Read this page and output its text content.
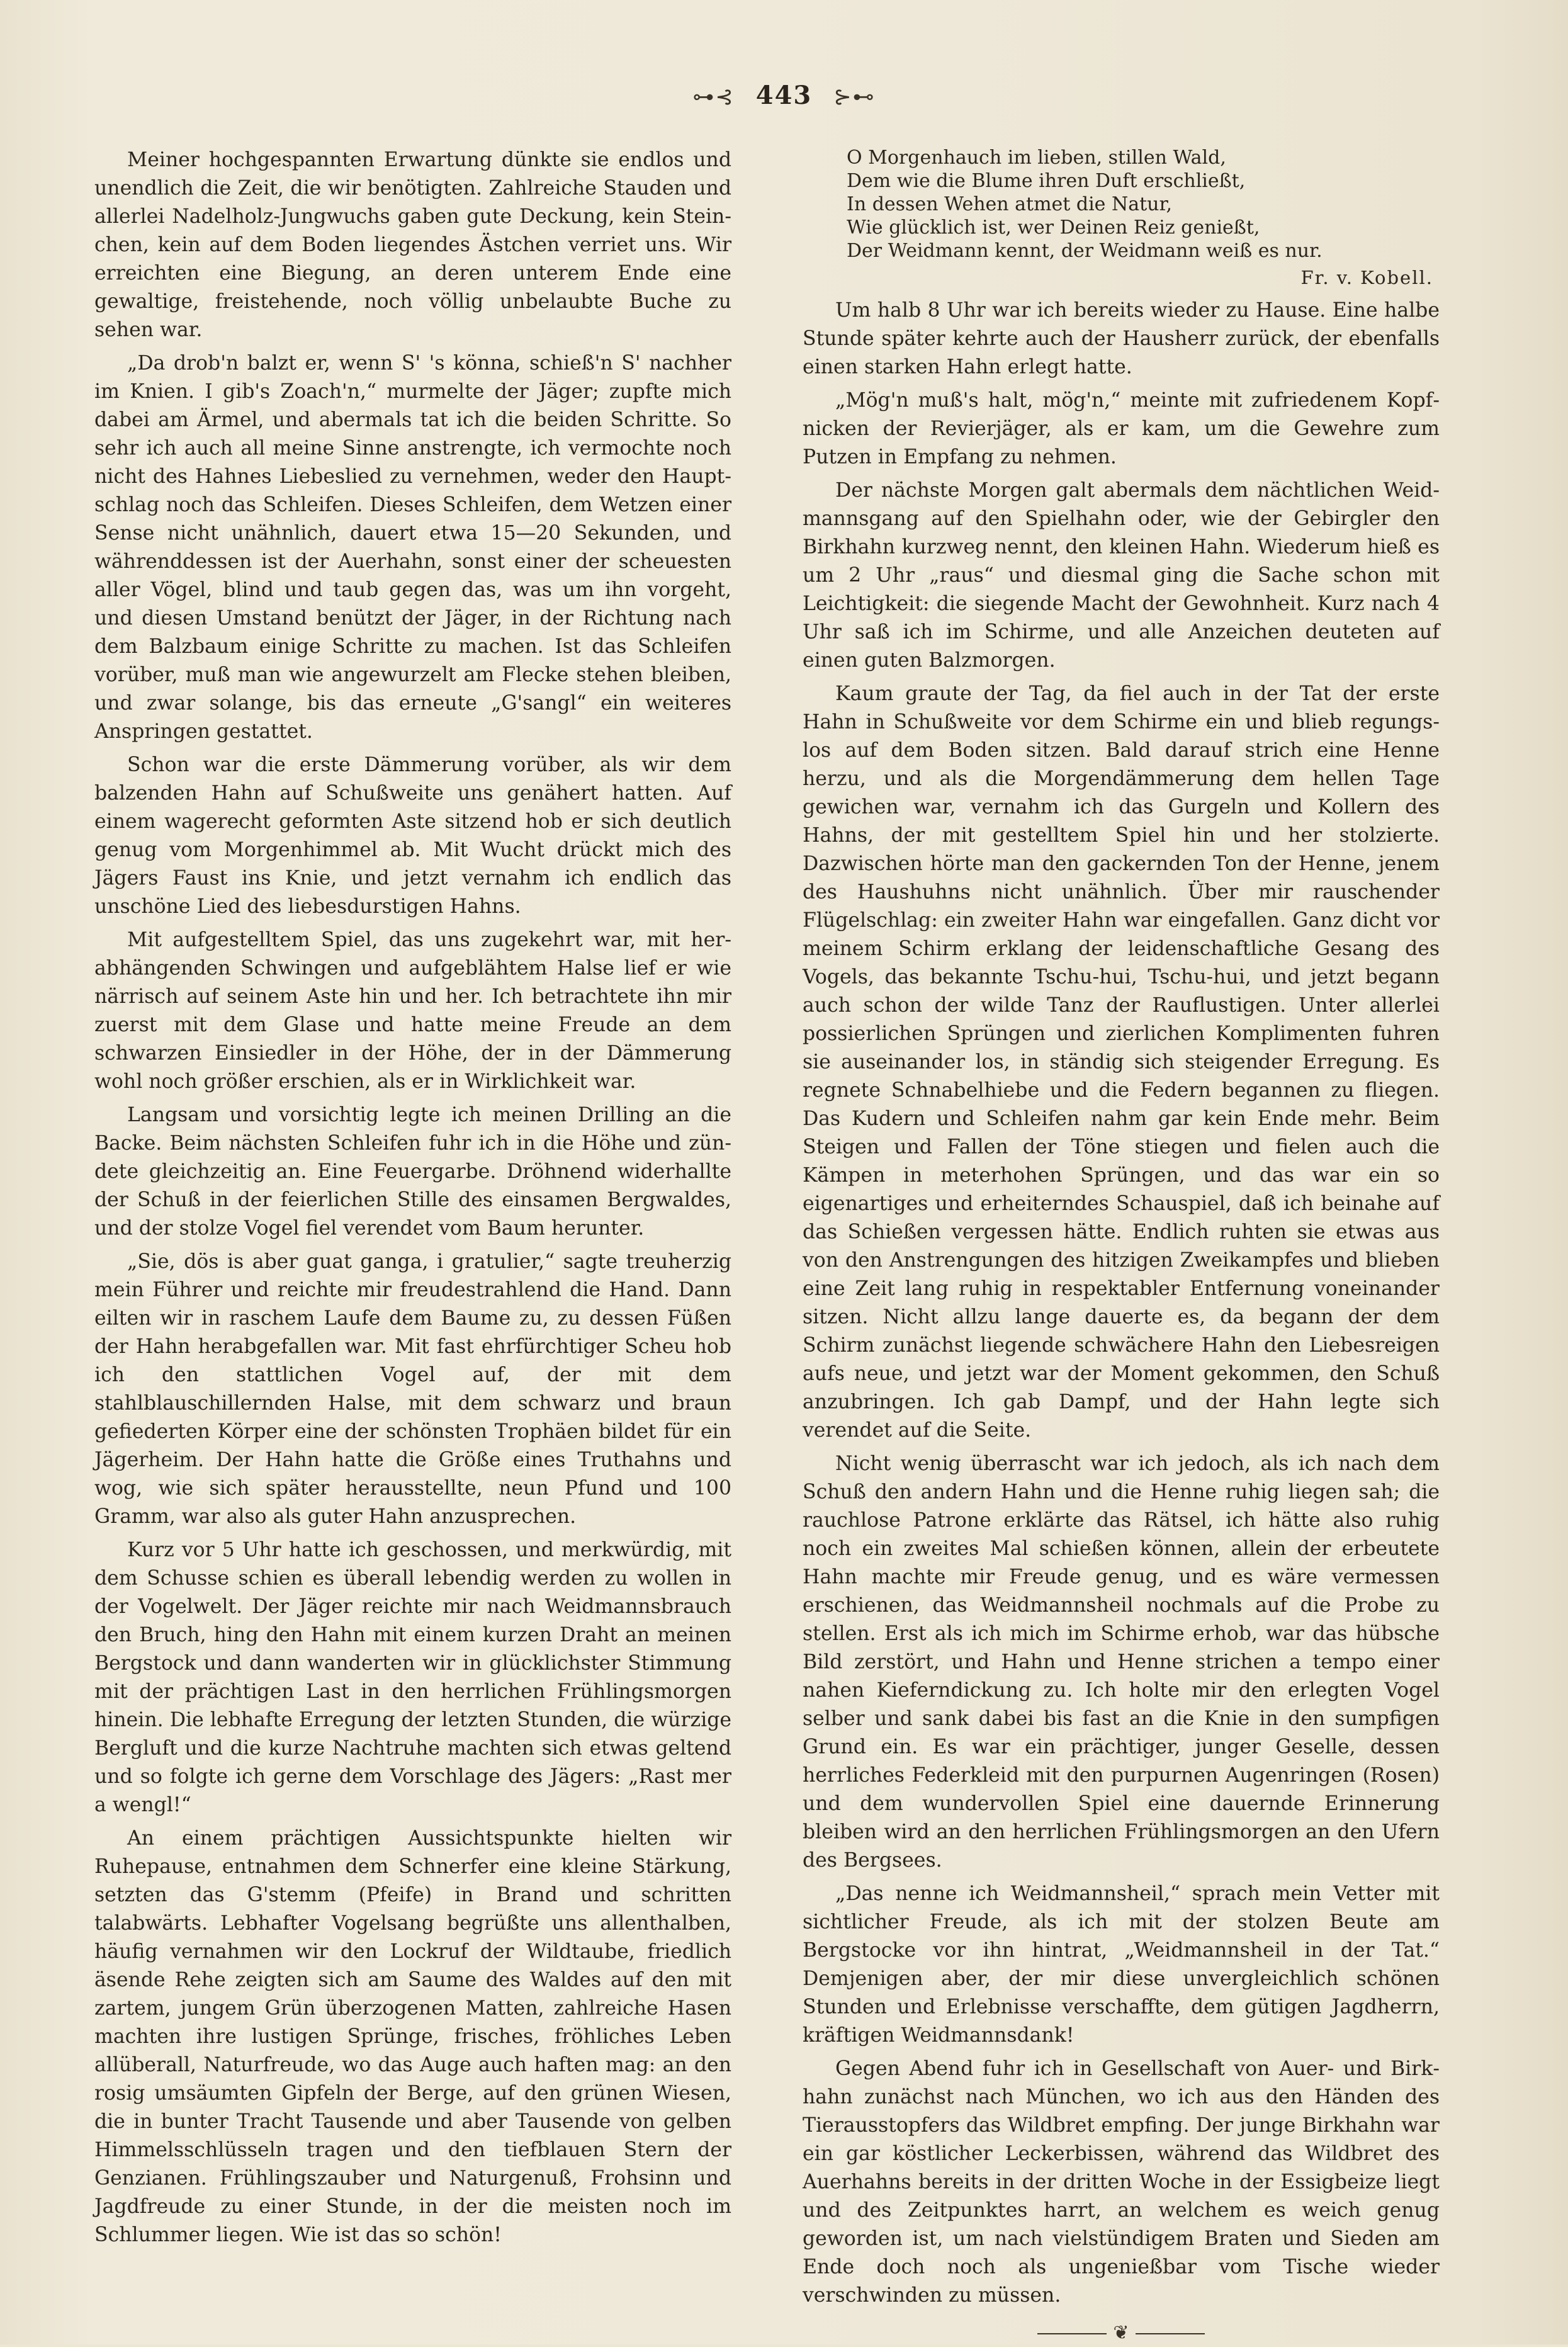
⊶⊰ 443 ⊱⊷

Meiner hochgespannten Erwartung dünkte sie endlos und unendlich die Zeit, die wir benötigten. Zahlreiche Stauden und allerlei Nadelholz-Jungwuchs gaben gute Deckung, kein Steinchen, kein auf dem Boden liegendes Ästchen verriet uns. Wir erreichten eine Biegung, an deren unterem Ende eine gewaltige, freistehende, noch völlig unbelaubte Buche zu sehen war.

„Da drob'n balzt er, wenn S' 's könna, schieß'n S' nachher im Knien. I gib's Zoach'n,“ murmelte der Jäger; zupfte mich dabei am Ärmel, und abermals tat ich die beiden Schritte. So sehr ich auch all meine Sinne anstrengte, ich vermochte noch nicht des Hahnes Liebeslied zu vernehmen, weder den Hauptschlag noch das Schleifen. Dieses Schleifen, dem Wetzen einer Sense nicht unähnlich, dauert etwa 15—20 Sekunden, und währenddessen ist der Auerhahn, sonst einer der scheuesten aller Vögel, blind und taub gegen das, was um ihn vorgeht, und diesen Umstand benützt der Jäger, in der Richtung nach dem Balzbaum einige Schritte zu machen. Ist das Schleifen vorüber, muß man wie angewurzelt am Flecke stehen bleiben, und zwar solange, bis das erneute „G'sangl“ ein weiteres Anspringen gestattet.

Schon war die erste Dämmerung vorüber, als wir dem balzenden Hahn auf Schußweite uns genähert hatten. Auf einem wagerecht geformten Aste sitzend hob er sich deutlich genug vom Morgenhimmel ab. Mit Wucht drückt mich des Jägers Faust ins Knie, und jetzt vernahm ich endlich das unschöne Lied des liebesdurstigen Hahns.

Mit aufgestelltem Spiel, das uns zugekehrt war, mit herabhängenden Schwingen und aufgeblähtem Halse lief er wie närrisch auf seinem Aste hin und her. Ich betrachtete ihn mir zuerst mit dem Glase und hatte meine Freude an dem schwarzen Einsiedler in der Höhe, der in der Dämmerung wohl noch größer erschien, als er in Wirklichkeit war.

Langsam und vorsichtig legte ich meinen Drilling an die Backe. Beim nächsten Schleifen fuhr ich in die Höhe und zündete gleichzeitig an. Eine Feuergarbe. Dröhnend widerhallte der Schuß in der feierlichen Stille des einsamen Bergwaldes, und der stolze Vogel fiel verendet vom Baum herunter.

„Sie, dös is aber guat ganga, i gratulier,“ sagte treuherzig mein Führer und reichte mir freudestrahlend die Hand. Dann eilten wir in raschem Laufe dem Baume zu, zu dessen Füßen der Hahn herabgefallen war. Mit fast ehrfürchtiger Scheu hob ich den stattlichen Vogel auf, der mit dem stahlblauschillernden Halse, mit dem schwarz und braun gefiederten Körper eine der schönsten Trophäen bildet für ein Jägerheim. Der Hahn hatte die Größe eines Truthahns und wog, wie sich später herausstellte, neun Pfund und 100 Gramm, war also als guter Hahn anzusprechen.

Kurz vor 5 Uhr hatte ich geschossen, und merkwürdig, mit dem Schusse schien es überall lebendig werden zu wollen in der Vogelwelt. Der Jäger reichte mir nach Weidmannsbrauch den Bruch, hing den Hahn mit einem kurzen Draht an meinen Bergstock und dann wanderten wir in glücklichster Stimmung mit der prächtigen Last in den herrlichen Frühlingsmorgen hinein. Die lebhafte Erregung der letzten Stunden, die würzige Bergluft und die kurze Nachtruhe machten sich etwas geltend und so folgte ich gerne dem Vorschlage des Jägers: „Rast mer a wengl!“

An einem prächtigen Aussichtspunkte hielten wir Ruhepause, entnahmen dem Schnerfer eine kleine Stärkung, setzten das G'stemm (Pfeife) in Brand und schritten talabwärts. Lebhafter Vogelsang begrüßte uns allenthalben, häufig vernahmen wir den Lockruf der Wildtaube, friedlich äsende Rehe zeigten sich am Saume des Waldes auf den mit zartem, jungem Grün überzogenen Matten, zahlreiche Hasen machten ihre lustigen Sprünge, frisches, fröhliches Leben allüberall, Naturfreude, wo das Auge auch haften mag: an den rosig umsäumten Gipfeln der Berge, auf den grünen Wiesen, die in bunter Tracht Tausende und aber Tausende von gelben Himmelsschlüsseln tragen und den tiefblauen Stern der Genzianen. Frühlingszauber und Naturgenuß, Frohsinn und Jagdfreude zu einer Stunde, in der die meisten noch im Schlummer liegen. Wie ist das so schön!

O Morgenhauch im lieben, stillen Wald,
Dem wie die Blume ihren Duft erschließt,
In dessen Wehen atmet die Natur,
Wie glücklich ist, wer Deinen Reiz genießt,
Der Weidmann kennt, der Weidmann weiß es nur.
Fr. v. Kobell.

Um halb 8 Uhr war ich bereits wieder zu Hause. Eine halbe Stunde später kehrte auch der Hausherr zurück, der ebenfalls einen starken Hahn erlegt hatte.

„Mög'n muß's halt, mög'n,“ meinte mit zufriedenem Kopfnicken der Revierjäger, als er kam, um die Gewehre zum Putzen in Empfang zu nehmen.

Der nächste Morgen galt abermals dem nächtlichen Weidmannsgang auf den Spielhahn oder, wie der Gebirgler den Birkhahn kurzweg nennt, den kleinen Hahn. Wiederum hieß es um 2 Uhr „raus“ und diesmal ging die Sache schon mit Leichtigkeit: die siegende Macht der Gewohnheit. Kurz nach 4 Uhr saß ich im Schirme, und alle Anzeichen deuteten auf einen guten Balzmorgen.

Kaum graute der Tag, da fiel auch in der Tat der erste Hahn in Schußweite vor dem Schirme ein und blieb regungslos auf dem Boden sitzen. Bald darauf strich eine Henne herzu, und als die Morgendämmerung dem hellen Tage gewichen war, vernahm ich das Gurgeln und Kollern des Hahns, der mit gestelltem Spiel hin und her stolzierte. Dazwischen hörte man den gackernden Ton der Henne, jenem des Haushuhns nicht unähnlich. Über mir rauschender Flügelschlag: ein zweiter Hahn war eingefallen. Ganz dicht vor meinem Schirm erklang der leidenschaftliche Gesang des Vogels, das bekannte Tschu-hui, Tschu-hui, und jetzt begann auch schon der wilde Tanz der Rauflustigen. Unter allerlei possierlichen Sprüngen und zierlichen Komplimenten fuhren sie auseinander los, in ständig sich steigender Erregung. Es regnete Schnabelhiebe und die Federn begannen zu fliegen. Das Kudern und Schleifen nahm gar kein Ende mehr. Beim Steigen und Fallen der Töne stiegen und fielen auch die Kämpen in meterhohen Sprüngen, und das war ein so eigenartiges und erheiterndes Schauspiel, daß ich beinahe auf das Schießen vergessen hätte. Endlich ruhten sie etwas aus von den Anstrengungen des hitzigen Zweikampfes und blieben eine Zeit lang ruhig in respektabler Entfernung voneinander sitzen. Nicht allzu lange dauerte es, da begann der dem Schirm zunächst liegende schwächere Hahn den Liebesreigen aufs neue, und jetzt war der Moment gekommen, den Schuß anzubringen. Ich gab Dampf, und der Hahn legte sich verendet auf die Seite.

Nicht wenig überrascht war ich jedoch, als ich nach dem Schuß den andern Hahn und die Henne ruhig liegen sah; die rauchlose Patrone erklärte das Rätsel, ich hätte also ruhig noch ein zweites Mal schießen können, allein der erbeutete Hahn machte mir Freude genug, und es wäre vermessen erschienen, das Weidmannsheil nochmals auf die Probe zu stellen. Erst als ich mich im Schirme erhob, war das hübsche Bild zerstört, und Hahn und Henne strichen a tempo einer nahen Kieferndickung zu. Ich holte mir den erlegten Vogel selber und sank dabei bis fast an die Knie in den sumpfigen Grund ein. Es war ein prächtiger, junger Geselle, dessen herrliches Federkleid mit den purpurnen Augenringen (Rosen) und dem wundervollen Spiel eine dauernde Erinnerung bleiben wird an den herrlichen Frühlingsmorgen an den Ufern des Bergsees.

„Das nenne ich Weidmannsheil,“ sprach mein Vetter mit sichtlicher Freude, als ich mit der stolzen Beute am Bergstocke vor ihn hintrat, „Weidmannsheil in der Tat.“ Demjenigen aber, der mir diese unvergleichlich schönen Stunden und Erlebnisse verschaffte, dem gütigen Jagdherrn, kräftigen Weidmannsdank!

Gegen Abend fuhr ich in Gesellschaft von Auer- und Birkhahn zunächst nach München, wo ich aus den Händen des Tierausstopfers das Wildbret empfing. Der junge Birkhahn war ein gar köstlicher Leckerbissen, während das Wildbret des Auerhahns bereits in der dritten Woche in der Essigbeize liegt und des Zeitpunktes harrt, an welchem es weich genug geworden ist, um nach vielstündigem Braten und Sieden am Ende doch noch als ungenießbar vom Tische wieder verschwinden zu müssen.

❦
